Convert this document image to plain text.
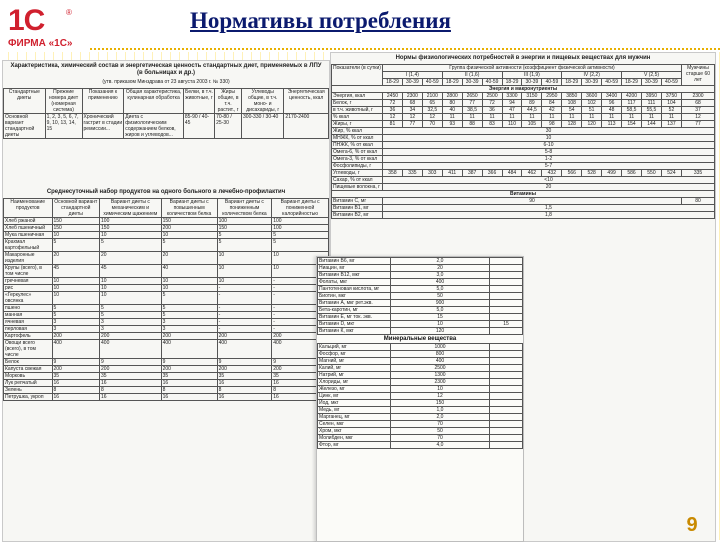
1С	®
ФИРМА «1С»
Нормативы потребления
Характеристика, химический состав и энергетическая ценность стандартных диет, применяемых в ЛПУ (в больницах и др.)
(утв. приказом Минздрава от 23 августа 2003 г. № 330)
Стандартные диеты	Прежние номера диет (номерная система)	Показания к применению	Общая характеристика, кулинарная обработка	Белки, в т.ч. животные, г	Жиры общие, в т.ч. растит., г	Углеводы общие, в т.ч. моно- и дисахариды, г	Энергетическая ценность, ккал
Основной вариант стандартной диеты	1, 2, 3, 5, 6, 7, 9, 10, 13, 14, 15	Хронический гастрит в стадии ремиссии...	Диета с физиологическим содержанием белков, жиров и углеводов...	85-90 / 40-45	70-80 / 25-30	300-330 / 30-40	2170-2400
Среднесуточный набор продуктов на одного больного в лечебно-профилактич
Наименование продуктов	Основной вариант стандартной диеты	Вариант диеты с механическим и химическим щажением	Вариант диеты с повышенным количеством белка	Вариант диеты с пониженным количеством белка	Вариант диеты с пониженной калорийностью
Хлеб ржаной	150	100	150	100	100
Хлеб пшеничный	150	150	200	150	100
Мука пшеничная	10	10	10	5	5
Крахмал картофельный	5	5	5	5	5
Макаронные изделия	20	20	20	10	10
Крупы (всего), в том числе	45	45	40	10	10
гречневая	10	10	10	10	-
рис	10	10	10	-	-
«Геркулес» овсянка	10	10	5	-	-
пшено	5	5	5	-	-
манная	5	5	5	-	-
ячневая	3	3	3	-	-
перловая	3	3	3	-	-
Картофель	200	200	200	200	200
Овощи всего (всего), в том числе	400	400	400	400	400
Белок	9	9	9	9	9
Капуста свежая	200	200	200	200	200
Морковь	35	35	35	35	35
Лук репчатый	16	16	16	16	16
Зелень	8	8	8	8	8
Петрушка, укроп	16	16	16	16	16
Нормы физиологических потребностей в энергии и пищевых веществах для мужчин
Показатели (в сутки)	Группа физической активности (коэффициент физической активности)															Мужчины старше 60 лет
	I (1,4)			II (1,6)			III (1,9)			IV (2,2)			V (2,5)			
	18-29	30-39	40-59	18-29	30-39	40-59	18-29	30-39	40-59	18-29	30-39	40-59	18-29	30-39	40-59	
Энергия и макронутриенты																
Энергия, ккал	2450	2300	2100	2800	2650	2500	3300	3150	2950	3850	3600	3400	4200	3950	3750	2300
Белок, г	72	68	65	80	77	72	94	89	84	108	102	96	117	111	104	68
в т.ч. животный, г	36	34	32,5	40	38,5	36	47	44,5	42	54	51	48	58,5	55,5	52	37
% ккал	12	12	12	11	11	11	11	11	11	11	11	11	11	11	11	12
Жиры, г	81	77	70	93	88	83	110	105	98	128	120	113	154	144	137	77
Жир, % ккал	30															
МНЖК, % от ккал	10															
ПНЖК, % от ккал	6-10															
Омега-6, % от ккал	5-8															
Омега-3, % от ккал	1-2															
Фосфолипиды, г	5-7															
Углеводы, г	358	335	303	411	387	366	484	462	432	566	528	499	586	550	524	335
Сахар, % от ккал	<10															
Пищевые волокна, г	20															
Витамины																
Витамин С, мг	90															80
Витамин В1, мг	1,5															
Витамин В2, мг	1,8															
Витамин В6, мг	2,0	
Ниацин, мг	20	
Витамин В12, мкг	3,0	
Фолаты, мкг	400	
Пантотеновая кислота, мг	5,0	
Биотин, мкг	50	
Витамин А, мкг рет.экв.	900	
Бета-каротин, мг	5,0	
Витамин Е, мг ток. экв.	15	
Витамин D, мкг	10	15
Витамин К, мкг	120	
Минеральные вещества
Кальций, мг	1000	
Фосфор, мг	800	
Магний, мг	400	
Калий, мг	2500	
Натрий, мг	1300	
Хлориды, мг	2300	
Железо, мг	10	
Цинк, мг	12	
Йод, мкг	150	
Медь, мг	1,0	
Марганец, мг	2,0	
Селен, мкг	70	
Хром, мкг	50	
Молибден, мкг	70	
Фтор, мг	4,0	
9
